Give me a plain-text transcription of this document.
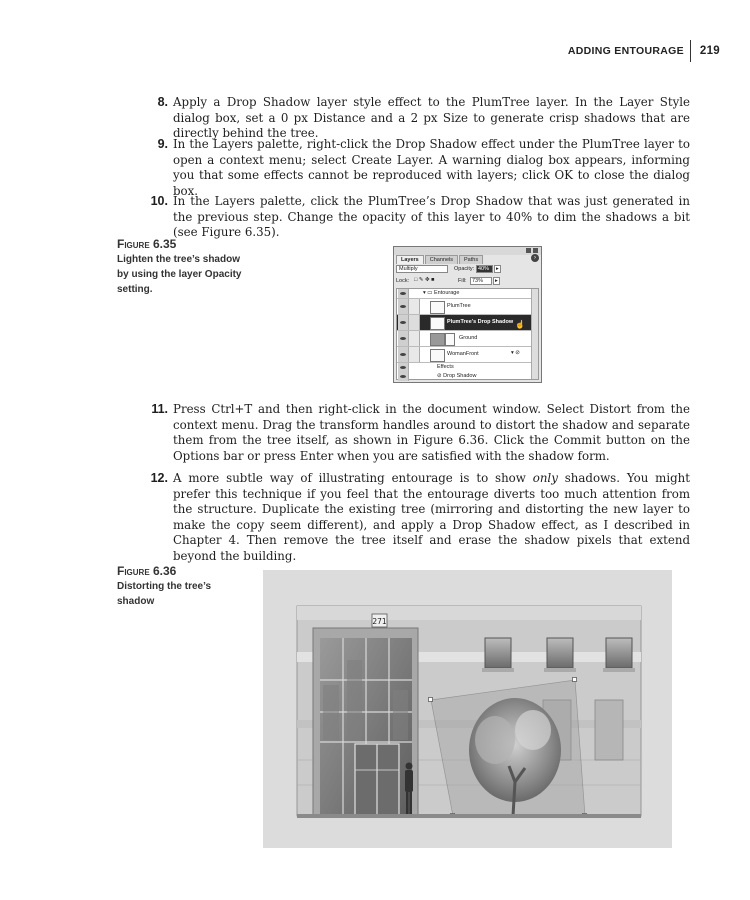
ADDING ENTOURAGE 219
8. Apply a Drop Shadow layer style effect to the PlumTree layer. In the Layer Style dialog box, set a 0 px Distance and a 2 px Size to generate crisp shadows that are directly behind the tree.
9. In the Layers palette, right-click the Drop Shadow effect under the PlumTree layer to open a context menu; select Create Layer. A warning dialog box appears, informing you that some effects cannot be reproduced with layers; click OK to close the dialog box.
10. In the Layers palette, click the PlumTree’s Drop Shadow that was just generated in the previous step. Change the opacity of this layer to 40% to dim the shadows a bit (see Figure 6.35).
Figure 6.35
Lighten the tree’s shadow by using the layer Opacity setting.
Layers	Channels	Paths	›
Multiply	Opacity: 40%	▸
Lock: □ ✎ ✥ ■	Fill: 73%	▸
▾ ▭ Entourage
PlumTree
PlumTree's Drop Shadow ☝
Ground
WomanFront	▾ ⊘
Effects
⊘ Drop Shadow
11. Press Ctrl+T and then right-click in the document window. Select Distort from the context menu. Drag the transform handles around to distort the shadow and separate them from the tree itself, as shown in Figure 6.36. Click the Commit button on the Options bar or press Enter when you are satisfied with the shadow form.
12. A more subtle way of illustrating entourage is to show only shadows. You might prefer this technique if you feel that the entourage diverts too much attention from the structure. Duplicate the existing tree (mirroring and distorting the new layer to make the copy seem different), and apply a Drop Shadow effect, as I described in Chapter 4. Then remove the tree itself and erase the shadow pixels that extend beyond the building.
Figure 6.36
Distorting the tree’s shadow
271
